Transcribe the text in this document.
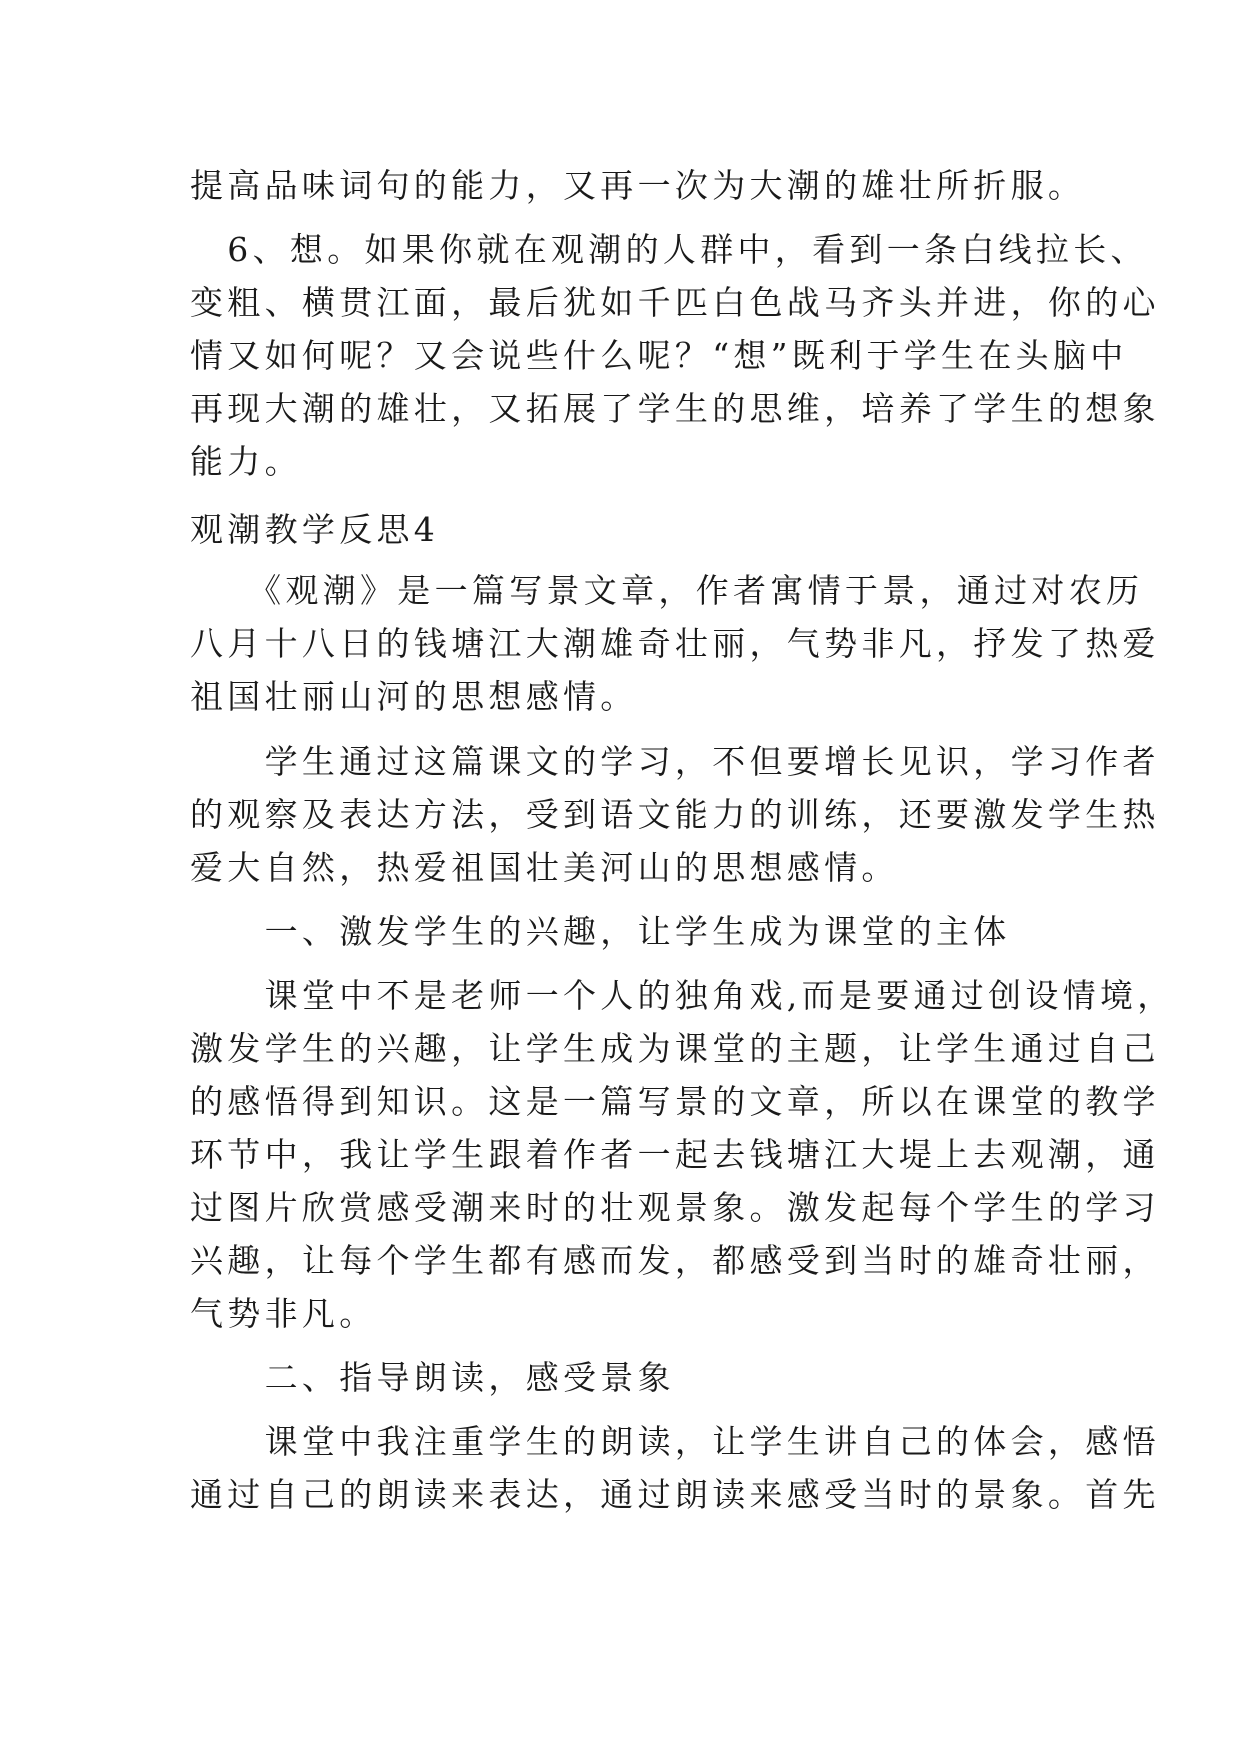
提高品味词句的能力，又再一次为大潮的雄壮所折服。
　6、想。如果你就在观潮的人群中，看到一条白线拉长、
变粗、横贯江面，最后犹如千匹白色战马齐头并进，你的心
情又如何呢？又会说些什么呢？“想”既利于学生在头脑中
再现大潮的雄壮，又拓展了学生的思维，培养了学生的想象
能力。
观潮教学反思4
　　《观潮》是一篇写景文章，作者寓情于景，通过对农历
八月十八日的钱塘江大潮雄奇壮丽，气势非凡，抒发了热爱
祖国壮丽山河的思想感情。
　　学生通过这篇课文的学习，不但要增长见识，学习作者
的观察及表达方法，受到语文能力的训练，还要激发学生热
爱大自然，热爱祖国壮美河山的思想感情。
　　一、激发学生的兴趣，让学生成为课堂的主体
　　课堂中不是老师一个人的独角戏,而是要通过创设情境，
激发学生的兴趣，让学生成为课堂的主题，让学生通过自己
的感悟得到知识。这是一篇写景的文章，所以在课堂的教学
环节中，我让学生跟着作者一起去钱塘江大堤上去观潮，通
过图片欣赏感受潮来时的壮观景象。激发起每个学生的学习
兴趣，让每个学生都有感而发，都感受到当时的雄奇壮丽，
气势非凡。
　　二、指导朗读，感受景象
　　课堂中我注重学生的朗读，让学生讲自己的体会，感悟
通过自己的朗读来表达，通过朗读来感受当时的景象。首先
